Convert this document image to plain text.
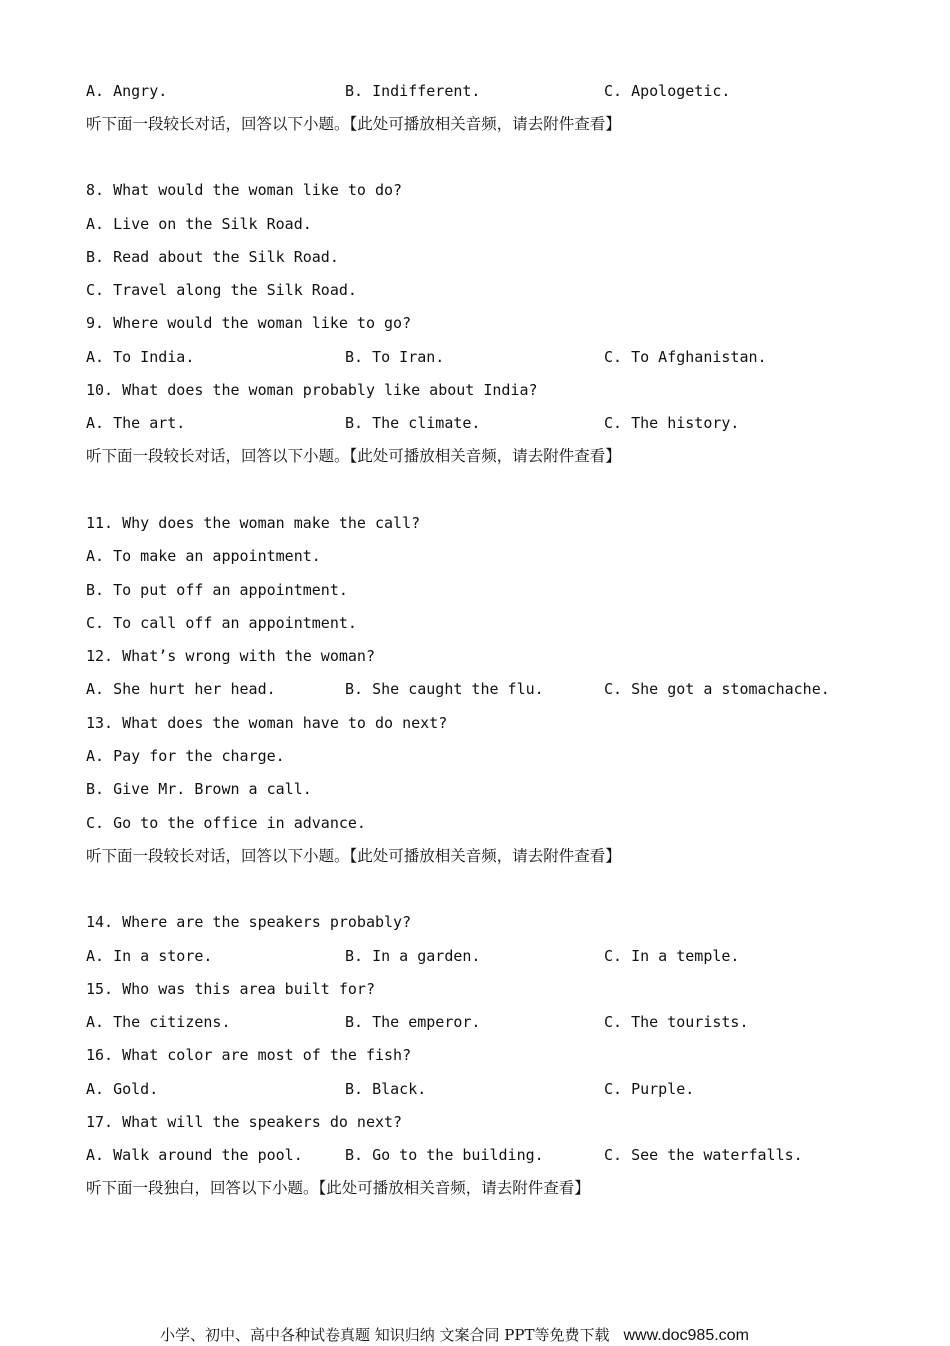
A. Angry.	B. Indifferent.	C. Apologetic.
听下面一段较长对话，回答以下小题。【此处可播放相关音频，请去附件查看】
8. What would the woman like to do?
A. Live on the Silk Road.
B. Read about the Silk Road.
C. Travel along the Silk Road.
9. Where would the woman like to go?
A. To India.	B. To Iran.	C. To Afghanistan.
10. What does the woman probably like about India?
A. The art.	B. The climate.	C. The history.
听下面一段较长对话，回答以下小题。【此处可播放相关音频，请去附件查看】
11. Why does the woman make the call?
A. To make an appointment.
B. To put off an appointment.
C. To call off an appointment.
12. What’s wrong with the woman?
A. She hurt her head.	B. She caught the flu.	C. She got a stomachache.
13. What does the woman have to do next?
A. Pay for the charge.
B. Give Mr. Brown a call.
C. Go to the office in advance.
听下面一段较长对话，回答以下小题。【此处可播放相关音频，请去附件查看】
14. Where are the speakers probably?
A. In a store.	B. In a garden.	C. In a temple.
15. Who was this area built for?
A. The citizens.	B. The emperor.	C. The tourists.
16. What color are most of the fish?
A. Gold.	B. Black.	C. Purple.
17. What will the speakers do next?
A. Walk around the pool.	B. Go to the building.	C. See the waterfalls.
听下面一段独白，回答以下小题。【此处可播放相关音频，请去附件查看】
小学、初中、高中各种试卷真题 知识归纳 文案合同 PPT等免费下载 www.doc985.com
